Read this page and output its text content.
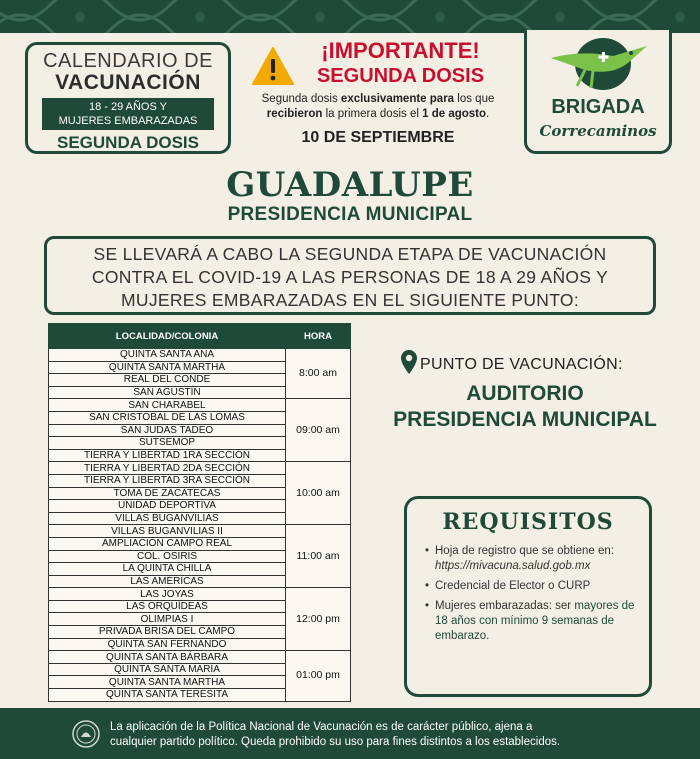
CALENDARIO DE
VACUNACIÓN
18 - 29 AÑOS Y
MUJERES EMBARAZADAS
SEGUNDA DOSIS
¡IMPORTANTE!
SEGUNDA DOSIS
Segunda dosis exclusivamente para los que
recibieron la primera dosis el 1 de agosto.
10 DE SEPTIEMBRE
BRIGADA
Correcaminos
GUADALUPE
PRESIDENCIA MUNICIPAL
SE LLEVARÁ A CABO LA SEGUNDA ETAPA DE VACUNACIÓN
CONTRA EL COVID-19 A LAS PERSONAS DE 18 A 29 AÑOS Y
MUJERES EMBARAZADAS EN EL SIGUIENTE PUNTO:
LOCALIDAD/COLONIA	HORA
QUINTA SANTA ANA	8:00 am
QUINTA SANTA MARTHA	
REAL DEL CONDE	
SAN AGUSTÍN	
SAN CHARABEL	09:00 am
SAN CRISTÓBAL DE LAS LOMAS	
SAN JUDAS TADEO	
SUTSEMOP	
TIERRA Y LIBERTAD 1RA SECCIÓN	
TIERRA Y LIBERTAD 2DA SECCIÓN	10:00 am
TIERRA Y LIBERTAD 3RA SECCIÓN	
TOMA DE ZACATECAS	
UNIDAD DEPORTIVA	
VILLAS BUGANVILIAS	
VILLAS BUGANVILIAS II	11:00 am
AMPLIACIÓN CAMPO REAL	
COL. OSIRIS	
LA QUINTA CHILLA	
LAS AMÉRICAS	
LAS JOYAS	12:00 pm
LAS ORQUÍDEAS	
OLIMPIAS I	
PRIVADA BRISA DEL CAMPO	
QUINTA SAN FERNANDO	
QUINTA SANTA BÁRBARA	01:00 pm
QUINTA SANTA MARÍA	
QUINTA SANTA MARTHA	
QUINTA SANTA TERESITA	
PUNTO DE VACUNACIÓN:
AUDITORIO
PRESIDENCIA MUNICIPAL
REQUISITOS
• Hoja de registro que se obtiene en: https://mivacuna.salud.gob.mx
• Credencial de Elector o CURP
• Mujeres embarazadas: ser mayores de 18 años con mínimo 9 semanas de embarazo.
La aplicación de la Política Nacional de Vacunación es de carácter público, ajena a
cualquier partido político. Queda prohibido su uso para fines distintos a los establecidos.
